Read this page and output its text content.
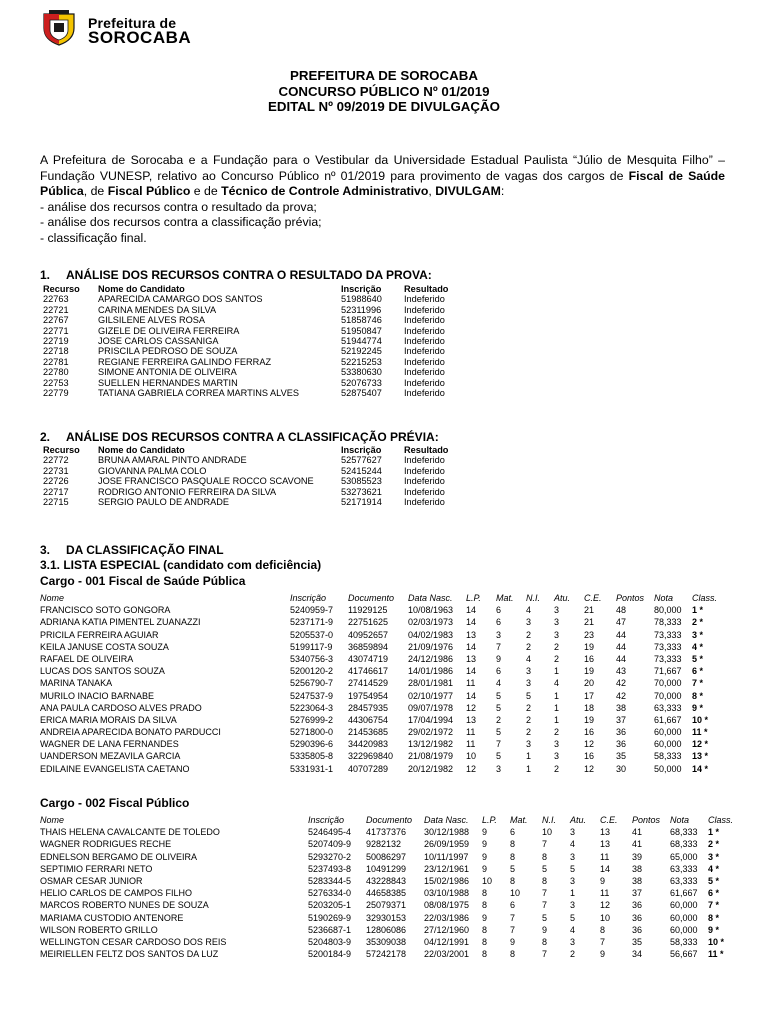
Prefeitura de
SOROCABA
PREFEITURA DE SOROCABA
CONCURSO PÚBLICO Nº 01/2019
EDITAL Nº 09/2019 DE DIVULGAÇÃO

A Prefeitura de Sorocaba e a Fundação para o Vestibular da Universidade Estadual Paulista “Júlio de Mesquita Filho” – Fundação VUNESP, relativo ao Concurso Público nº 01/2019 para provimento de vagas dos cargos de Fiscal de Saúde Pública, de Fiscal Público e de Técnico de Controle Administrativo, DIVULGAM:

- análise dos recursos contra o resultado da prova;
- análise dos recursos contra a classificação prévia;
- classificação final.
1. ANÁLISE DOS RECURSOS CONTRA O RESULTADO DA PROVA:
Recurso Nome do Candidato	Inscrição Resultado
22763	APARECIDA CAMARGO DOS SANTOS	51988640 Indeferido
22721	CARINA MENDES DA SILVA	52311996 Indeferido
22767	GILSILENE ALVES ROSA	51858746 Indeferido
22771	GIZELE DE OLIVEIRA FERREIRA	51950847 Indeferido
22719	JOSE CARLOS CASSANIGA	51944774 Indeferido
22718	PRISCILA PEDROSO DE SOUZA	52192245 Indeferido
22781	REGIANE FERREIRA GALINDO FERRAZ	52215253 Indeferido
22780	SIMONE ANTONIA DE OLIVEIRA	53380630 Indeferido
22753	SUELLEN HERNANDES MARTIN	52076733 Indeferido
22779	TATIANA GABRIELA CORREA MARTINS ALVES	52875407 Indeferido
2. ANÁLISE DOS RECURSOS CONTRA A CLASSIFICAÇÃO PRÉVIA:
Recurso Nome do Candidato	Inscrição Resultado
22772	BRUNA AMARAL PINTO ANDRADE	52577627 Indeferido
22731	GIOVANNA PALMA COLO	52415244 Indeferido
22726	JOSE FRANCISCO PASQUALE ROCCO SCAVONE	53085523 Indeferido
22717	RODRIGO ANTONIO FERREIRA DA SILVA	53273621 Indeferido
22715	SERGIO PAULO DE ANDRADE	52171914 Indeferido
3. DA CLASSIFICAÇÃO FINAL
3.1. LISTA ESPECIAL (candidato com deficiência)
Cargo - 001 Fiscal de Saúde Pública
Nome	Inscrição Documento Data Nasc. L.P. Mat. N.I. Atu. C.E. Pontos Nota Class.
FRANCISCO SOTO GONGORA	5240959-7 11929125 10/08/1963 14 6	4	3	21 48	80,000 1 *
ADRIANA KATIA PIMENTEL ZUANAZZI	5237171-9 22751625 02/03/1973 14 6	3	3	21 47	78,333 2 *
PRICILA FERREIRA AGUIAR	5205537-0 40952657 04/02/1983 13 3	2	3	23 44	73,333 3 *
KEILA JANUSE COSTA SOUZA	5199117-9 36859894 21/09/1976 14 7	2	2	19 44	73,333 4 *
RAFAEL DE OLIVEIRA	5340756-3 43074719 24/12/1986 13 9	4	2	16 44	73,333 5 *
LUCAS DOS SANTOS SOUZA	5200120-2 41746617 14/01/1986 14 6	3	1	19 43	71,667 6 *
MARINA TANAKA	5256790-7 27414529 28/01/1981 11 4	3	4	20 42	70,000 7 *
MURILO INACIO BARNABE	5247537-9 19754954 02/10/1977 14 5	5	1	17 42	70,000 8 *
ANA PAULA CARDOSO ALVES PRADO	5223064-3 28457935 09/07/1978 12 5	2	1	18 38	63,333 9 *
ERICA MARIA MORAIS DA SILVA	5276999-2 44306754 17/04/1994 13 2	2	1	19 37	61,667 10 *
ANDREIA APARECIDA BONATO PARDUCCI	5271800-0 21453685 29/02/1972 11 5	2	2	16 36	60,000 11 *
WAGNER DE LANA FERNANDES	5290396-6 34420983 13/12/1982 11 7	3	3	12 36	60,000 12 *
UANDERSON MEZAVILA GARCIA	5335805-8 322969840 21/08/1979 10 5	1	3	16 35	58,333 13 *
EDILAINE EVANGELISTA CAETANO	5331931-1 40707289 20/12/1982 12 3	1	2	12 30	50,000 14 *
Cargo - 002 Fiscal Público
Nome	Inscrição Documento Data Nasc. L.P. Mat. N.I. Atu. C.E. Pontos Nota Class.
THAIS HELENA CAVALCANTE DE TOLEDO	5246495-4 41737376 30/12/1988 9	6	10 3	13 41	68,333 1 *
WAGNER RODRIGUES RECHE	5207409-9 9282132	26/09/1959 9	8	7	4	13 41	68,333 2 *
EDNELSON BERGAMO DE OLIVEIRA	5293270-2 50086297 10/11/1997 9	8	8	3	11	39	65,000 3 *
SEPTIMIO FERRARI NETO	5237493-8 10491299 23/12/1961 9	5	5	5	14 38	63,333 4 *
OSMAR CESAR JUNIOR	5283344-5 43228843 15/02/1986 10 8	8	3	9	38	63,333 5 *
HELIO CARLOS DE CAMPOS FILHO	5276334-0 44658385 03/10/1988 8	10 7	1	11	37	61,667 6 *
MARCOS ROBERTO NUNES DE SOUZA	5203205-1 25079371 08/08/1975 8	6	7	3	12 36	60,000 7 *
MARIAMA CUSTODIO ANTENORE	5190269-9 32930153 22/03/1986 9	7	5	5	10 36	60,000 8 *
WILSON ROBERTO GRILLO	5236687-1 12806086 27/12/1960 8	7	9	4	8	36	60,000 9 *
WELLINGTON CESAR CARDOSO DOS REIS	5204803-9 35309038 04/12/1991 8	9	8	3	7	35	58,333 10 *
MEIRIELLEN FELTZ DOS SANTOS DA LUZ	5200184-9 57242178 22/03/2001 8	8	7	2	9	34	56,667 11 *
